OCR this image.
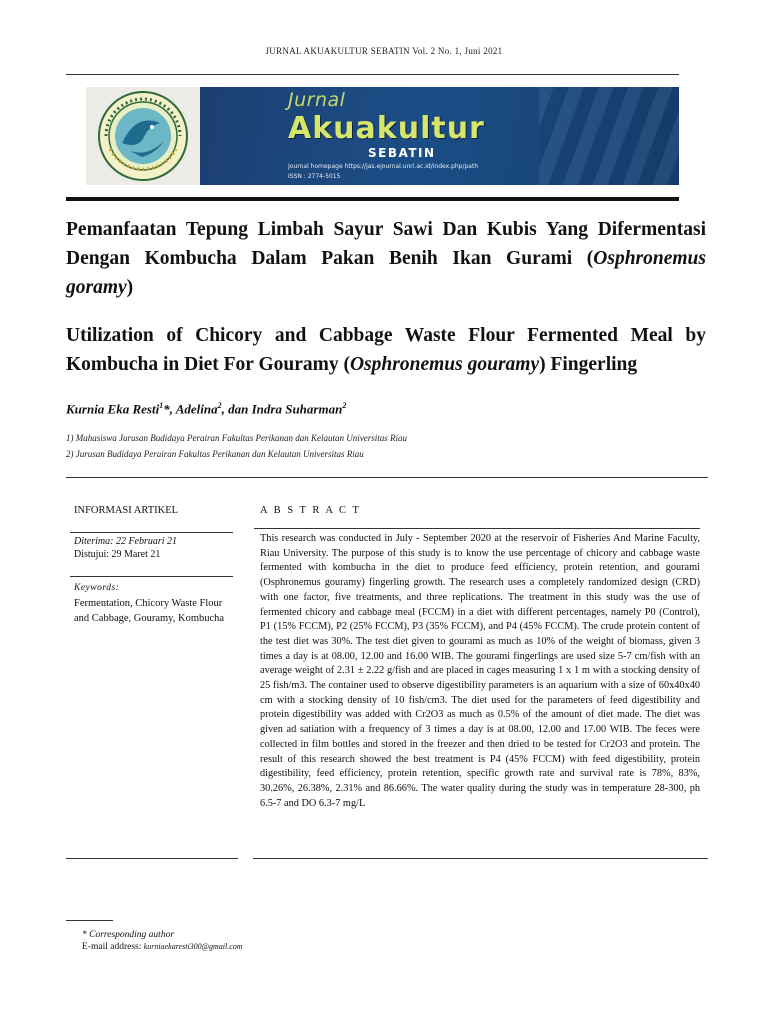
JURNAL AKUAKULTUR SEBATIN Vol. 2 No. 1, Juni 2021
Jurnal
Akuakultur
SEBATIN
Journal homepage https://jas.ejournal.unri.ac.id/index.php/path
ISSN : 2774-5015
Pemanfaatan Tepung Limbah Sayur Sawi Dan Kubis Yang Difermentasi Dengan Kombucha Dalam Pakan Benih Ikan Gurami (Osphronemus goramy)
Utilization of Chicory and Cabbage Waste Flour Fermented Meal by Kombucha in Diet For Gouramy (Osphronemus gouramy) Fingerling
Kurnia Eka Resti$^1$*, Adelina$^2$, dan Indra Suharman$^2$
1) Mahasiswa Jurusan Budidaya Perairan Fakultas Perikanan dan Kelautan Universitas Riau
2) Jurusan Budidaya Perairan Fakultas Perikanan dan Kelautan Universitas Riau
INFORMASI ARTIKEL
Diterima: 22 Februari 21
Distujui: 29 Maret 21
Keywords:
Fermentation, Chicory Waste Flour and Cabbage, Gouramy, Kombucha
A B S T R A C T
This research was conducted in July - September 2020 at the reservoir of Fisheries And Marine Faculty, Riau University. The purpose of this study is to know the use percentage of chicory and cabbage waste fermented with kombucha in the diet to produce feed efficiency, protein retention, and gourami (Osphronemus gouramy) fingerling growth. The research uses a completely randomized design (CRD) with one factor, five treatments, and three replications. The treatment in this study was the use of fermented chicory and cabbage meal (FCCM) in a diet with different percentages, namely P0 (Control), P1 (15% FCCM), P2 (25% FCCM), P3 (35% FCCM), and P4 (45% FCCM). The crude protein content of the test diet was 30%. The test diet given to gourami as much as 10% of the weight of biomass, given 3 times a day is at 08.00, 12.00 and 16.00 WIB. The gourami fingerlings are used size 5-7 cm/fish with an average weight of 2.31 ± 2.22 g/fish and are placed in cages measuring 1 x 1 m with a stocking density of 25 fish/m3. The container used to observe digestibility parameters is an aquarium with a size of 60x40x40 cm with a stocking density of 10 fish/cm3. The diet used for the parameters of feed digestibility and protein digestibility was added with Cr2O3 as much as 0.5% of the amount of diet made. The diet was given ad satiation with a frequency of 3 times a day is at 08.00, 12.00 and 17.00 WIB. The feces were collected in film bottles and stored in the freezer and then dried to be tested for Cr2O3 and protein. The result of this research showed the best treatment is P4 (45% FCCM) with feed digestibility, protein digestibility, feed efficiency, protein retention, specific growth rate and survival rate is 78%, 83%, 30.26%, 26.38%, 2.31% and 86.66%. The water quality during the study was in temperature 28-300, ph 6.5-7 and DO 6.3-7 mg/L
* Corresponding author
E-mail address: kurniaekaresti300@gmail.com
